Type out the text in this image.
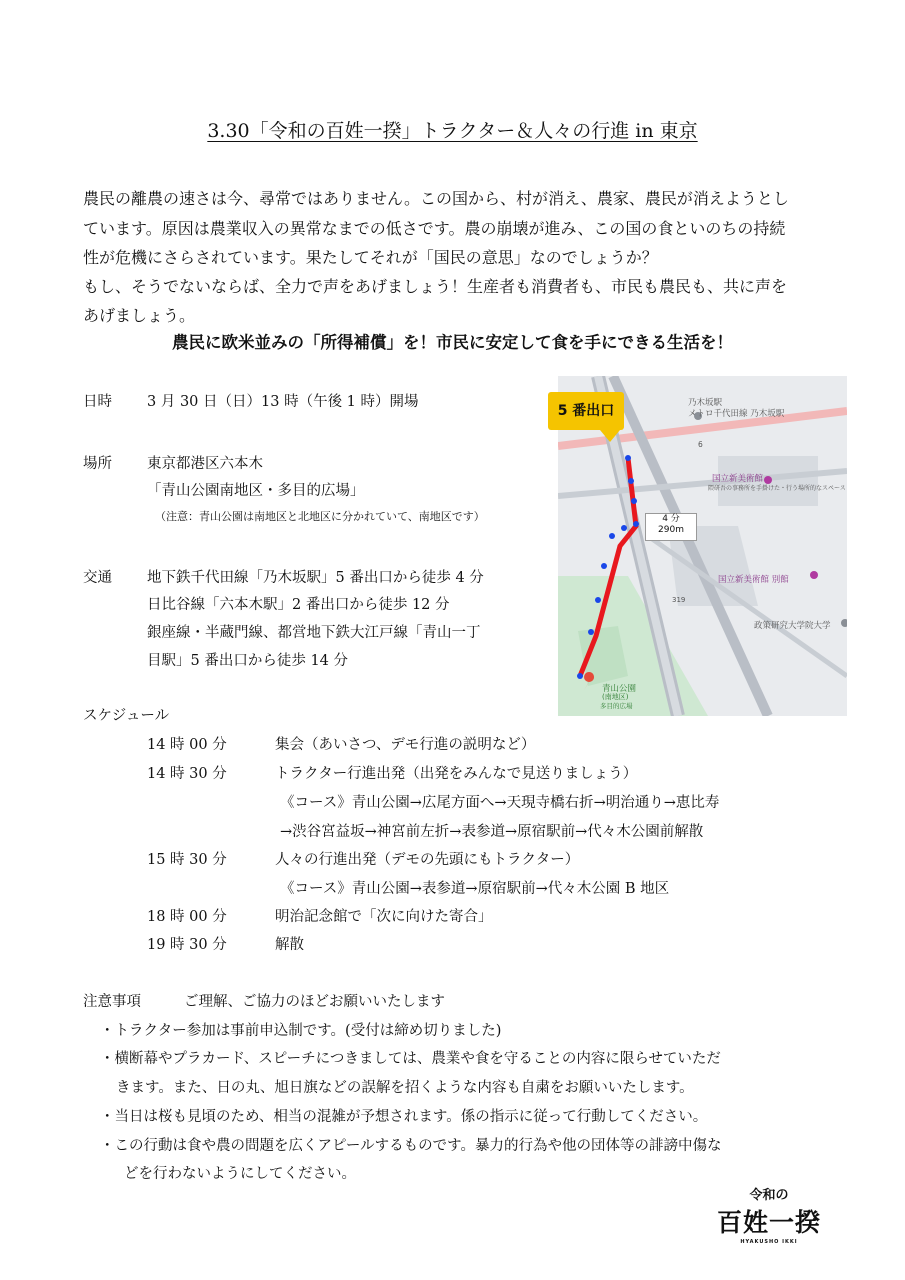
3.30「令和の百姓一揆」トラクター＆人々の行進 in 東京
農民の離農の速さは今、尋常ではありません。この国から、村が消え、農家、農民が消えようとし
ています。原因は農業収入の異常なまでの低さです。農の崩壊が進み、この国の食といのちの持続
性が危機にさらされています。果たしてそれが「国民の意思」なのでしょうか？
もし、そうでないならば、全力で声をあげましょう！生産者も消費者も、市民も農民も、共に声を
あげましょう。
農民に欧米並みの「所得補償」を！市民に安定して食を手にできる生活を！
日時 3 月 30 日（日）13 時（午後 1 時）開場
場所 東京都港区六本木
「青山公園南地区・多目的広場」
（注意：青山公園は南地区と北地区に分かれていて、南地区です）
交通 地下鉄千代田線「乃木坂駅」5 番出口から徒歩 4 分
日比谷線「六本木駅」2 番出口から徒歩 12 分
銀座線・半蔵門線、都営地下鉄大江戸線「青山一丁
目駅」5 番出口から徒歩 14 分
乃木坂駅
メトロ千代田線 乃木坂駅
6
国立新美術館
隈研吾の事務所を手掛けた・行う場所的なスペース
国立新美術館 別館
政策研究大学院大学
319
青山公園
(南地区)
多目的広場
5 番出口
4 分
290m
スケジュール
14 時 00 分	集会（あいさつ、デモ行進の説明など）
14 時 30 分	トラクター行進出発（出発をみんなで見送りましょう）
《コース》青山公園→広尾方面へ→天現寺橋右折→明治通り→恵比寿
→渋谷宮益坂→神宮前左折→表参道→原宿駅前→代々木公園前解散
15 時 30 分	人々の行進出発（デモの先頭にもトラクター）
《コース》青山公園→表参道→原宿駅前→代々木公園 B 地区
18 時 00 分	明治記念館で「次に向けた寄合」
19 時 30 分	解散
注意事項	ご理解、ご協力のほどお願いいたします
・トラクター参加は事前申込制です。(受付は締め切りました)
・横断幕やプラカード、スピーチにつきましては、農業や食を守ることの内容に限らせていただ
きます。また、日の丸、旭日旗などの誤解を招くような内容も自粛をお願いいたします。
・当日は桜も見頃のため、相当の混雑が予想されます。係の指示に従って行動してください。
・この行動は食や農の問題を広くアピールするものです。暴力的行為や他の団体等の誹謗中傷な
どを行わないようにしてください。
令和の
百姓一揆
HYAKUSHO IKKI
